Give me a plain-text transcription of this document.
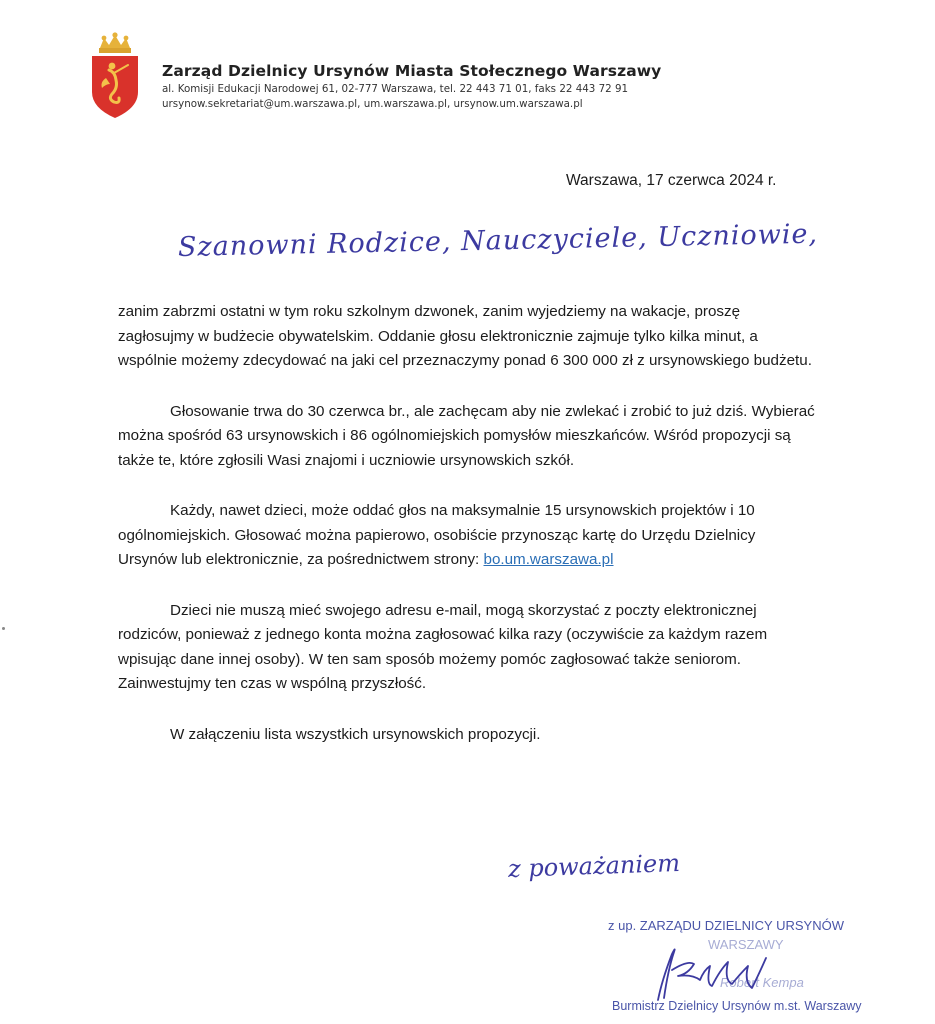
Zarząd Dzielnicy Ursynów Miasta Stołecznego Warszawy
al. Komisji Edukacji Narodowej 61, 02-777 Warszawa, tel. 22 443 71 01, faks 22 443 72 91
ursynow.sekretariat@um.warszawa.pl, um.warszawa.pl, ursynow.um.warszawa.pl
Warszawa, 17 czerwca 2024 r.
Szanowni Rodzice, Nauczyciele, Uczniowie,

zanim zabrzmi ostatni w tym roku szkolnym dzwonek, zanim wyjedziemy na wakacje, proszę zagłosujmy w budżecie obywatelskim. Oddanie głosu elektronicznie zajmuje tylko kilka minut, a wspólnie możemy zdecydować na jaki cel przeznaczymy ponad 6 300 000 zł z ursynowskiego budżetu.

Głosowanie trwa do 30 czerwca br., ale zachęcam aby nie zwlekać i zrobić to już dziś. Wybierać można spośród 63 ursynowskich i 86 ogólnomiejskich pomysłów mieszkańców. Wśród propozycji są także te, które zgłosili Wasi znajomi i uczniowie ursynowskich szkół.

Każdy, nawet dzieci, może oddać głos na maksymalnie 15 ursynowskich projektów i 10 ogólnomiejskich. Głosować można papierowo, osobiście przynosząc kartę do Urzędu Dzielnicy Ursynów lub elektronicznie, za pośrednictwem strony: bo.um.warszawa.pl

Dzieci nie muszą mieć swojego adresu e-mail, mogą skorzystać z poczty elektronicznej rodziców, ponieważ z jednego konta można zagłosować kilka razy (oczywiście za każdym razem wpisując dane innej osoby). W ten sam sposób możemy pomóc zagłosować także seniorom. Zainwestujmy ten czas w wspólną przyszłość.

W załączeniu lista wszystkich ursynowskich propozycji.

z poważaniem
z up. ZARZĄDU DZIELNICY URSYNÓW
WARSZAWY
Robert Kempa
Burmistrz Dzielnicy Ursynów m.st. Warszawy
